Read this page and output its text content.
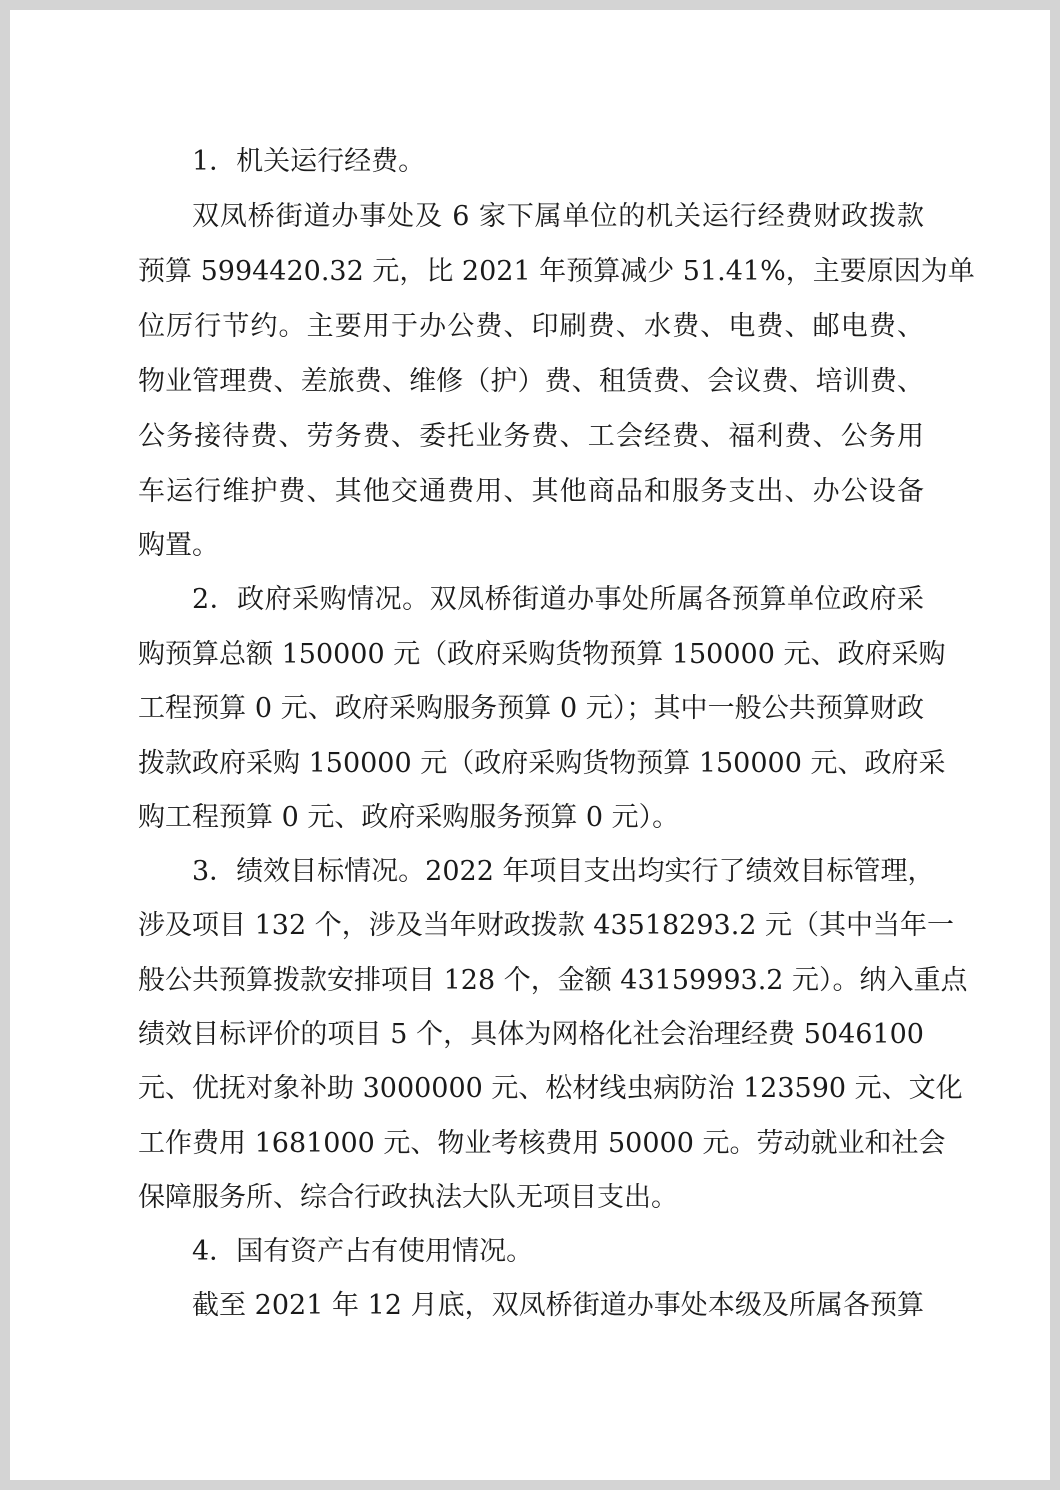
1．机关运行经费。
双凤桥街道办事处及 6 家下属单位的机关运行经费财政拨款
预算 5994420.32 元，比 2021 年预算减少 51.41%，主要原因为单
位厉行节约。主要用于办公费、印刷费、水费、电费、邮电费、
物业管理费、差旅费、维修（护）费、租赁费、会议费、培训费、
公务接待费、劳务费、委托业务费、工会经费、福利费、公务用
车运行维护费、其他交通费用、其他商品和服务支出、办公设备
购置。
2．政府采购情况。双凤桥街道办事处所属各预算单位政府采
购预算总额 150000 元（政府采购货物预算 150000 元、政府采购
工程预算 0 元、政府采购服务预算 0 元）；其中一般公共预算财政
拨款政府采购 150000 元（政府采购货物预算 150000 元、政府采
购工程预算 0 元、政府采购服务预算 0 元）。
3．绩效目标情况。2022 年项目支出均实行了绩效目标管理，
涉及项目 132 个，涉及当年财政拨款 43518293.2 元（其中当年一
般公共预算拨款安排项目 128 个，金额 43159993.2 元）。纳入重点
绩效目标评价的项目 5 个，具体为网格化社会治理经费 5046100
元、优抚对象补助 3000000 元、松材线虫病防治 123590 元、文化
工作费用 1681000 元、物业考核费用 50000 元。劳动就业和社会
保障服务所、综合行政执法大队无项目支出。
4．国有资产占有使用情况。
截至 2021 年 12 月底，双凤桥街道办事处本级及所属各预算
